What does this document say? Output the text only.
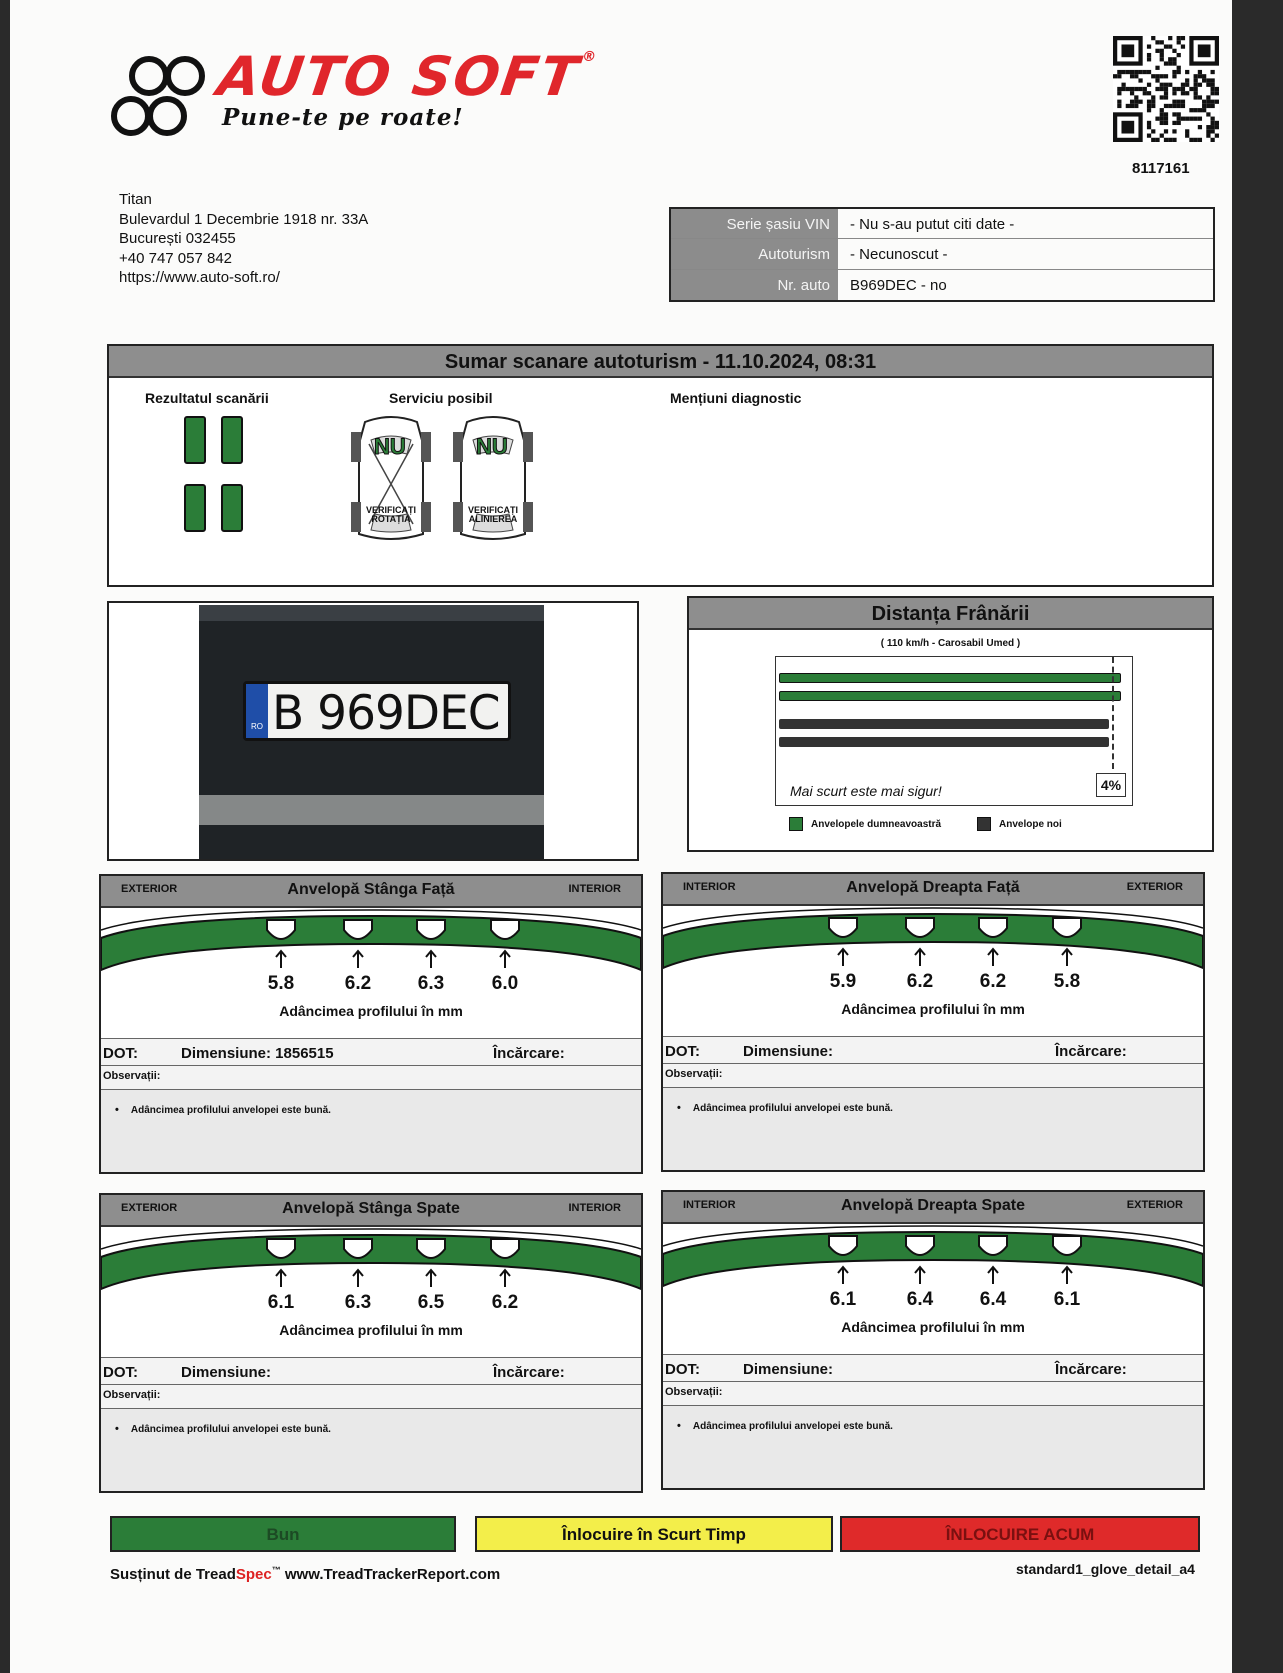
AUTO SOFT®
Pune-te pe roate!
8117161
Titan
Bulevardul 1 Decembrie 1918 nr. 33A
București 032455
+40 747 057 842
https://www.auto-soft.ro/
Serie șasiu VIN	- Nu s-au putut citi date -
Autoturism	- Necunoscut -
Nr. auto	B969DEC - no
Sumar scanare autoturism - 11.10.2024, 08:31
Rezultatul scanării	Serviciu posibil	Mențiuni diagnostic
NU
VERIFICAȚI
ROTAȚIA
NU
VERIFICAȚI
ALINIEREA
RO B 969DEC
Distanța Frânării
( 110 km/h - Carosabil Umed )
Mai scurt este mai sigur!	4%
Anvelopele dumneavoastră	Anvelope noi
EXTERIOR	Anvelopă Stânga Față	INTERIOR
5.8	6.2	6.3	6.0
Adâncimea profilului în mm
DOT:	Dimensiune: 1856515	Încărcare:
Observații:
• Adâncimea profilului anvelopei este bună.
INTERIOR	Anvelopă Dreapta Față	EXTERIOR
5.9	6.2	6.2	5.8
Adâncimea profilului în mm
DOT:	Dimensiune:	Încărcare:
Observații:
• Adâncimea profilului anvelopei este bună.
EXTERIOR	Anvelopă Stânga Spate	INTERIOR
6.1	6.3	6.5	6.2
Adâncimea profilului în mm
DOT:	Dimensiune:	Încărcare:
Observații:
• Adâncimea profilului anvelopei este bună.
INTERIOR	Anvelopă Dreapta Spate	EXTERIOR
6.1	6.4	6.4	6.1
Adâncimea profilului în mm
DOT:	Dimensiune:	Încărcare:
Observații:
• Adâncimea profilului anvelopei este bună.
Bun	Înlocuire în Scurt Timp	ÎNLOCUIRE ACUM
Susținut de TreadSpec™ www.TreadTrackerReport.com	standard1_glove_detail_a4
